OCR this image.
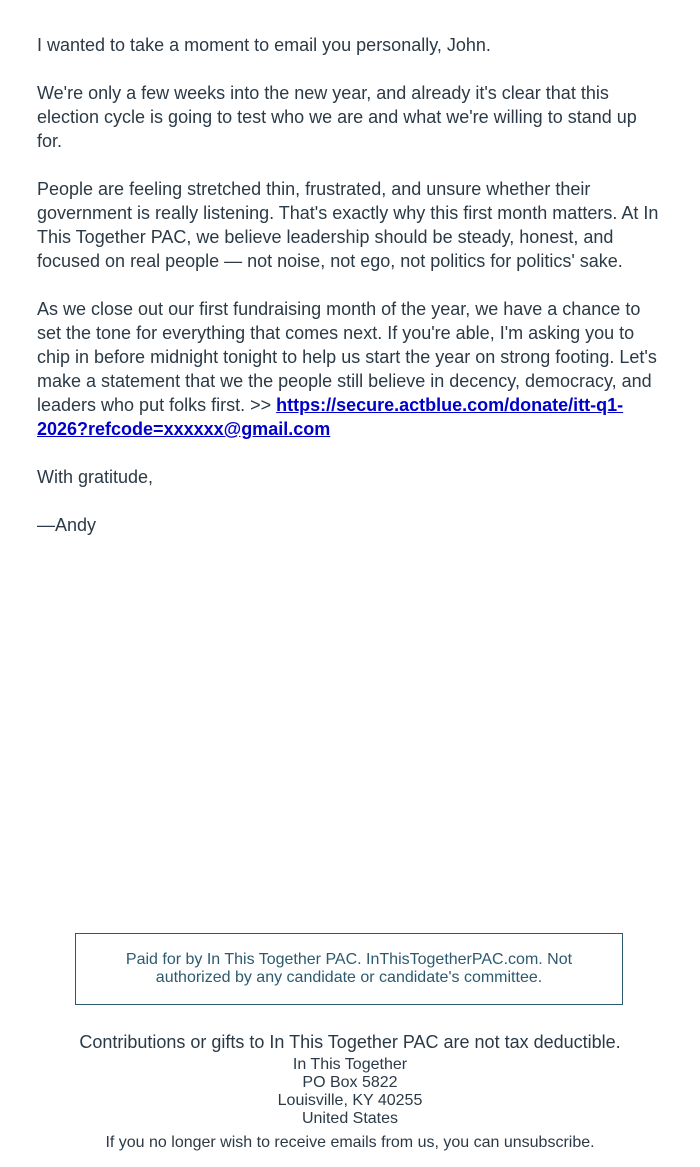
I wanted to take a moment to email you personally, John.

We're only a few weeks into the new year, and already it's clear that this election cycle is going to test who we are and what we're willing to stand up for.

People are feeling stretched thin, frustrated, and unsure whether their government is really listening. That's exactly why this first month matters. At In This Together PAC, we believe leadership should be steady, honest, and focused on real people — not noise, not ego, not politics for politics' sake.

As we close out our first fundraising month of the year, we have a chance to set the tone for everything that comes next. If you're able, I'm asking you to chip in before midnight tonight to help us start the year on strong footing. Let's make a statement that we the people still believe in decency, democracy, and leaders who put folks first. >> https://secure.actblue.com/donate/itt-q1-2026?refcode=xxxxxx@gmail.com

With gratitude,

—Andy

Paid for by In This Together PAC. InThisTogetherPAC.com. Not authorized by any candidate or candidate's committee.
Contributions or gifts to In This Together PAC are not tax deductible.
In This Together
PO Box 5822
Louisville, KY 40255
United States
If you no longer wish to receive emails from us, you can unsubscribe.
